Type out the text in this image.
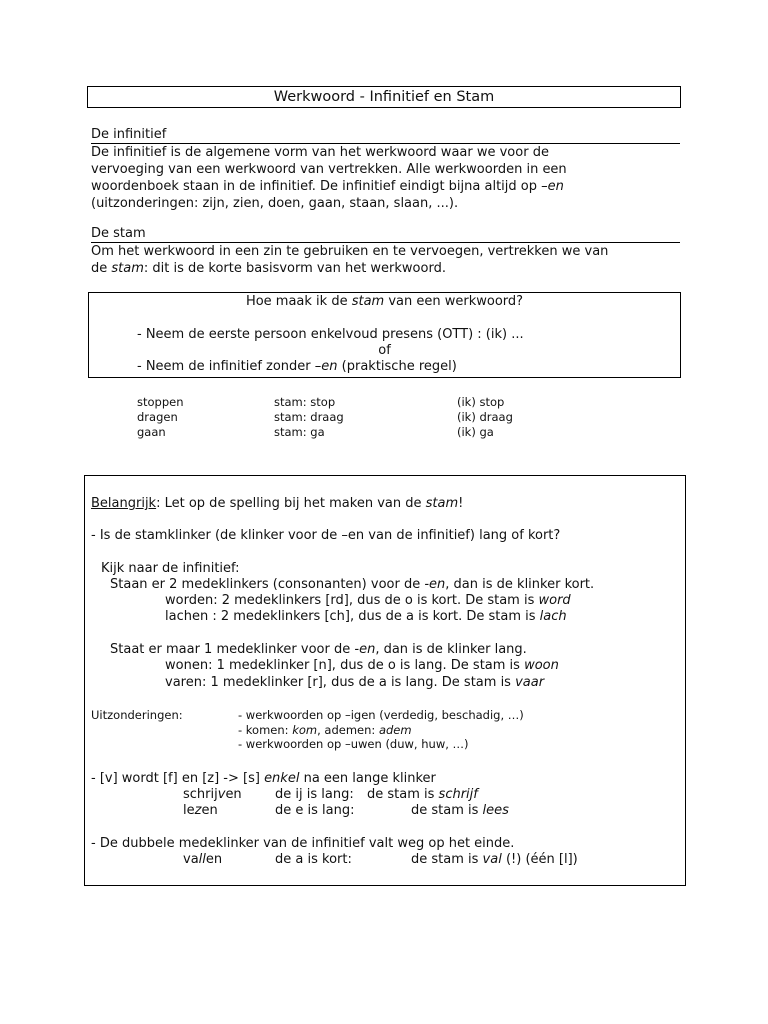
Werkwoord - Infinitief en Stam
De infinitief
De infinitief is de algemene vorm van het werkwoord waar we voor de
vervoeging van een werkwoord van vertrekken. Alle werkwoorden in een
woordenboek staan in de infinitief. De infinitief eindigt bijna altijd op –en
(uitzonderingen: zijn, zien, doen, gaan, staan, slaan, ...).
De stam
Om het werkwoord in een zin te gebruiken en te vervoegen, vertrekken we van
de stam: dit is de korte basisvorm van het werkwoord.
Hoe maak ik de stam van een werkwoord?
- Neem de eerste persoon enkelvoud presens (OTT) : (ik) ...
of
- Neem de infinitief zonder –en (praktische regel)
stoppen	stam: stop	(ik) stop
dragen	stam: draag	(ik) draag
gaan	stam: ga	(ik) ga
Belangrijk: Let op de spelling bij het maken van de stam!
- Is de stamklinker (de klinker voor de –en van de infinitief) lang of kort?
Kijk naar de infinitief:
Staan er 2 medeklinkers (consonanten) voor de -en, dan is de klinker kort.
worden: 2 medeklinkers [rd], dus de o is kort. De stam is word
lachen : 2 medeklinkers [ch], dus de a is kort. De stam is lach
Staat er maar 1 medeklinker voor de -en, dan is de klinker lang.
wonen: 1 medeklinker [n], dus de o is lang. De stam is woon
varen: 1 medeklinker [r], dus de a is lang. De stam is vaar
Uitzonderingen:	- werkwoorden op –igen (verdedig, beschadig, …)
- komen: kom, ademen: adem
- werkwoorden op –uwen (duw, huw, …)
- [v] wordt [f] en [z] -> [s] enkel na een lange klinker
schrijven	de ij is lang: de stam is schrijf
lezen	de e is lang:	de stam is lees
- De dubbele medeklinker van de infinitief valt weg op het einde.
vallen	de a is kort:	de stam is val (!) (één [l])
